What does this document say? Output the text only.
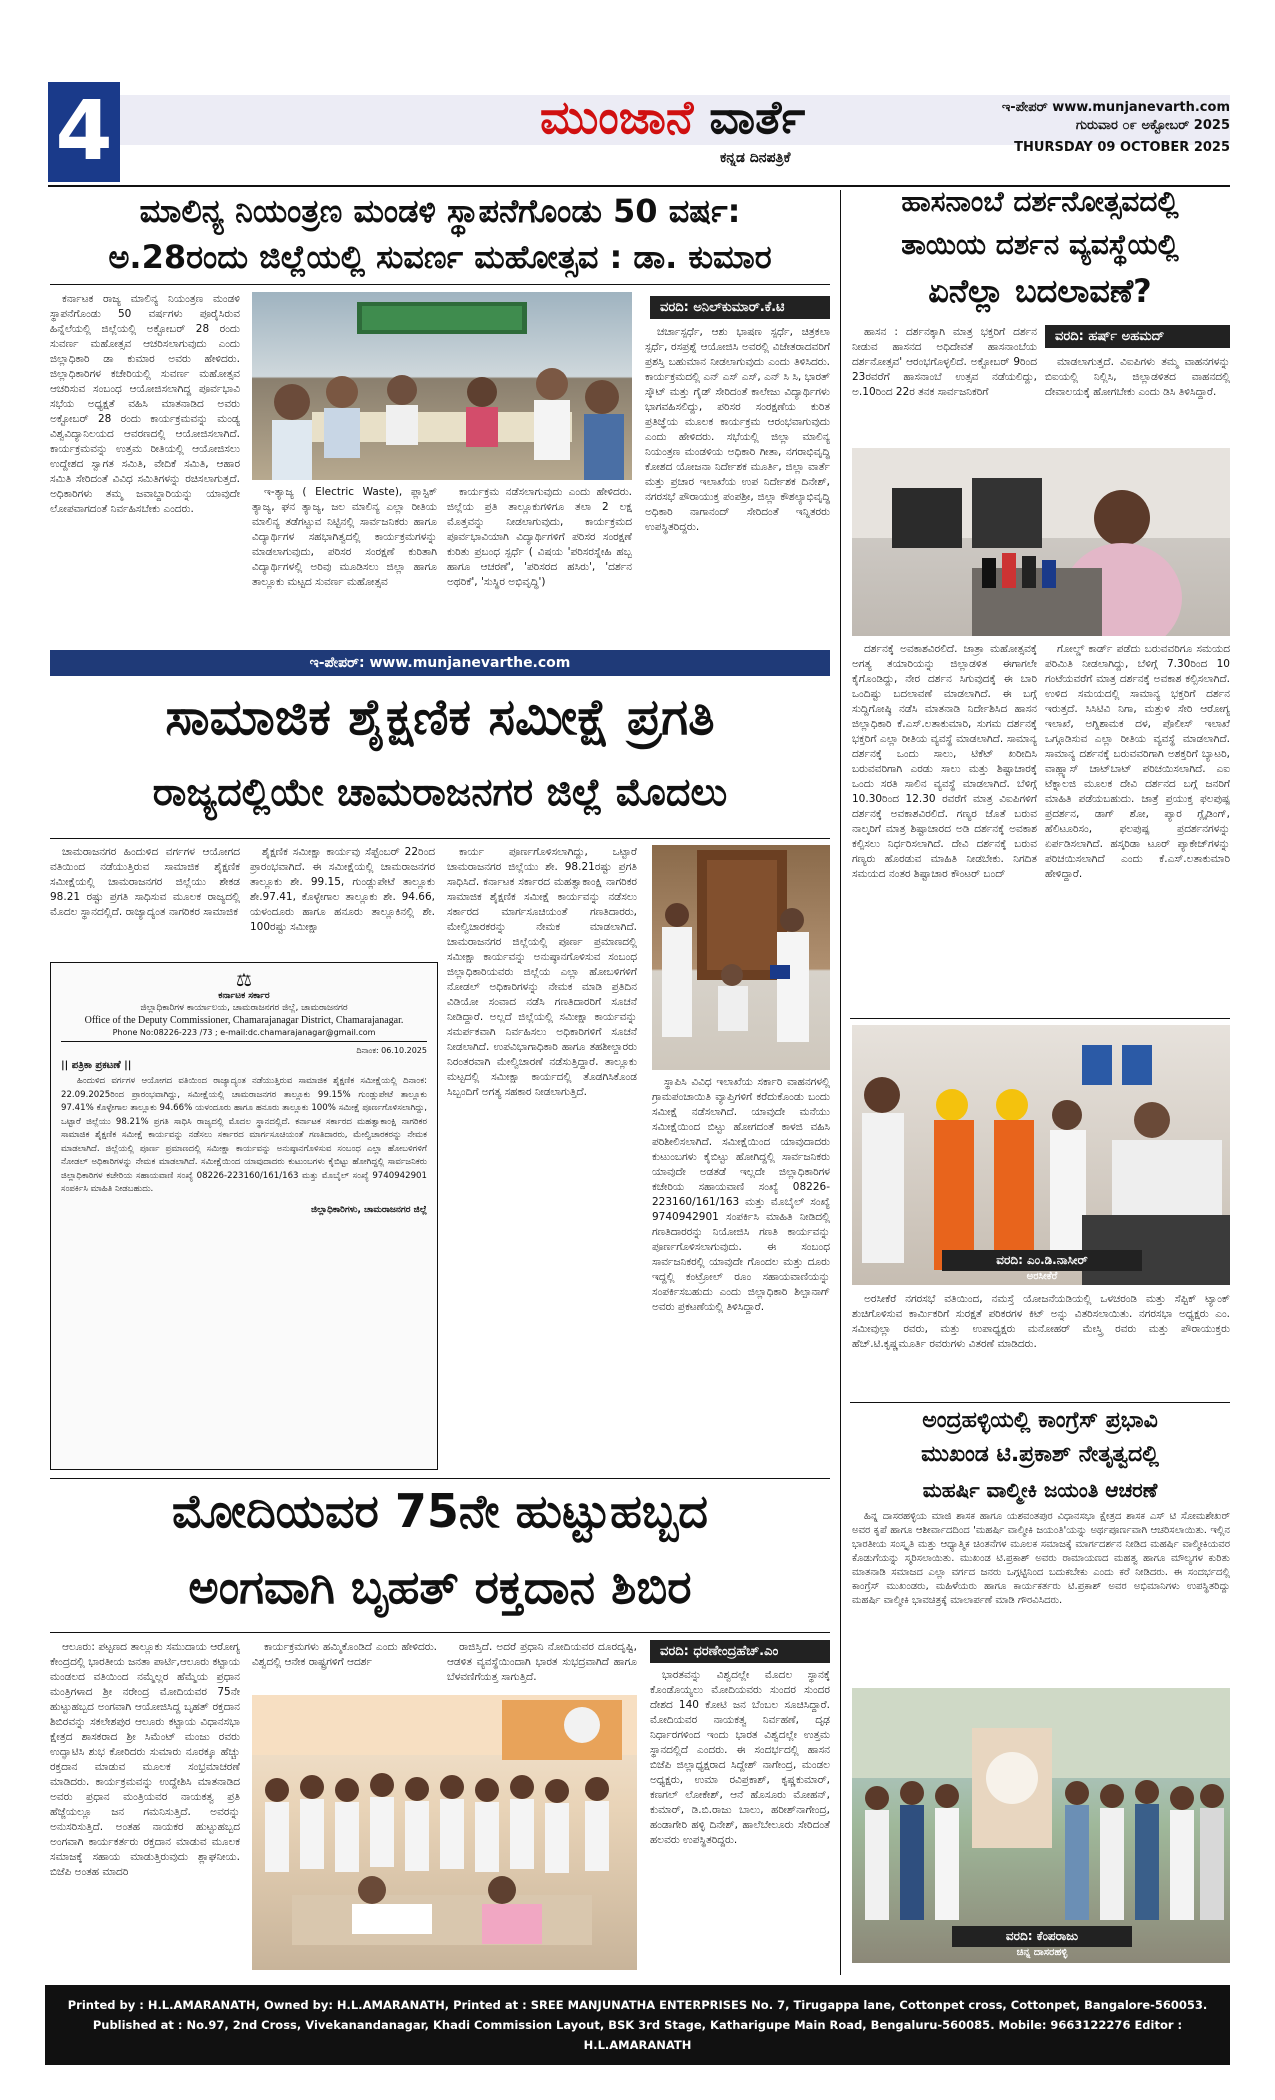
4	ಮುಂಜಾನೆ ವಾರ್ತೆ
ಕನ್ನಡ ದಿನಪತ್ರಿಕೆ
ಇ-ಪೇಪರ್ www.munjanevarth.com
ಗುರುವಾರ ೦೯ ಅಕ್ಟೋಬರ್ 2025
THURSDAY 09 OCTOBER 2025
ಮಾಲಿನ್ಯ ನಿಯಂತ್ರಣ ಮಂಡಳಿ ಸ್ಥಾಪನೆಗೊಂಡು 50 ವರ್ಷ:
ಅ.28ರಂದು ಜಿಲ್ಲೆಯಲ್ಲಿ ಸುವರ್ಣ ಮಹೋತ್ಸವ : ಡಾ. ಕುಮಾರ

ಕರ್ನಾಟಕ ರಾಜ್ಯ ಮಾಲಿನ್ಯ ನಿಯಂತ್ರಣ ಮಂಡಳಿ ಸ್ಥಾಪನೆಗೊಂಡು 50 ವರ್ಷಗಳು ಪೂರೈಸಿರುವ ಹಿನ್ನೆಲೆಯಲ್ಲಿ ಜಿಲ್ಲೆಯಲ್ಲಿ ಅಕ್ಟೋಬರ್ 28 ರಂದು ಸುವರ್ಣ ಮಹೋತ್ಸವ ಆಚರಿಸಲಾಗುವುದು ಎಂದು ಜಿಲ್ಲಾಧಿಕಾರಿ ಡಾ ಕುಮಾರ ಅವರು ಹೇಳಿದರು. ಜಿಲ್ಲಾಧಿಕಾರಿಗಳ ಕಚೇರಿಯಲ್ಲಿ ಸುವರ್ಣ ಮಹೋತ್ಸವ ಆಚರಿಸುವ ಸಂಬಂಧ ಆಯೋಜಿಸಲಾಗಿದ್ದ ಪೂರ್ವಭಾವಿ ಸಭೆಯ ಅಧ್ಯಕ್ಷತೆ ವಹಿಸಿ ಮಾತನಾಡಿದ ಅವರು ಅಕ್ಟೋಬರ್ 28 ರಂದು ಕಾರ್ಯಕ್ರಮವನ್ನು ಮಂಡ್ಯ ವಿಶ್ವವಿದ್ಯಾನಿಲಯದ ಆವರಣದಲ್ಲಿ ಆಯೋಜಿಸಲಾಗಿದೆ. ಕಾರ್ಯಕ್ರಮವನ್ನು ಉತ್ತಮ ರೀತಿಯಲ್ಲಿ ಆಯೋಜಿಸಲು ಉದ್ದೇಶದ ಸ್ವಾಗತ ಸಮಿತಿ, ವೇದಿಕೆ ಸಮಿತಿ, ಆಹಾರ ಸಮಿತಿ ಸೇರಿದಂತೆ ವಿವಿಧ ಸಮಿತಿಗಳನ್ನು ರಚಿಸಲಾಗುತ್ತದೆ. ಅಧಿಕಾರಿಗಳು ತಮ್ಮ ಜವಾಬ್ದಾರಿಯನ್ನು ಯಾವುದೇ ಲೋಪವಾಗದಂತೆ ನಿರ್ವಹಿಸಬೇಕು ಎಂದರು.

ವರದಿ: ಅನಿಲ್‌ಕುಮಾರ್.ಕೆ.ಟಿ

ಇ-ತ್ಯಾಜ್ಯ ( Electric Waste), ಪ್ಲಾಸ್ಟಿಕ್ ತ್ಯಾಜ್ಯ, ಘನ ತ್ಯಾಜ್ಯ, ಜಲ ಮಾಲಿನ್ಯ ಎಲ್ಲಾ ರೀತಿಯ ಮಾಲಿನ್ಯ ತಡೆಗಟ್ಟುವ ನಿಟ್ಟಿನಲ್ಲಿ ಸಾರ್ವಜನಿಕರು ಹಾಗೂ ವಿದ್ಯಾರ್ಥಿಗಳ ಸಹಭಾಗಿತ್ವದಲ್ಲಿ ಕಾರ್ಯಕ್ರಮಗಳನ್ನು ಮಾಡಲಾಗುವುದು, ಪರಿಸರ ಸಂರಕ್ಷಣೆ ಕುರಿತಾಗಿ ವಿದ್ಯಾರ್ಥಿಗಳಲ್ಲಿ ಅರಿವು ಮೂಡಿಸಲು ಜಿಲ್ಲಾ ಹಾಗೂ ತಾಲ್ಲೂಕು ಮಟ್ಟದ ಸುವರ್ಣ ಮಹೋತ್ಸವ

ಕಾರ್ಯಕ್ರಮ ನಡೆಸಲಾಗುವುದು ಎಂದು ಹೇಳಿದರು. ಜಿಲ್ಲೆಯ ಪ್ರತಿ ತಾಲ್ಲೂಕುಗಳಿಗೂ ತಲಾ 2 ಲಕ್ಷ ಮೊತ್ತವನ್ನು ನೀಡಲಾಗುವುದು, ಕಾರ್ಯಕ್ರಮದ ಪೂರ್ವಭಾವಿಯಾಗಿ ವಿದ್ಯಾರ್ಥಿಗಳಿಗೆ ಪರಿಸರ ಸಂರಕ್ಷಣೆ ಕುರಿತು ಪ್ರಬಂಧ ಸ್ಪರ್ಧೆ ( ವಿಷಯ 'ಪರಿಸರಸ್ನೇಹಿ ಹಬ್ಬ ಹಾಗೂ ಆಚರಣೆ', 'ಪರಿಸರದ ಹಸಿರು', 'ದರ್ಶನ ಅಥರಿಕೆ', 'ಸುಸ್ಥಿರ ಅಭಿವೃದ್ಧಿ')

ಚರ್ಚಾಸ್ಪರ್ಧೆ, ಆಶು ಭಾಷಣ ಸ್ಪರ್ಧೆ, ಚಿತ್ರಕಲಾ ಸ್ಪರ್ಧೆ, ರಸಪ್ರಶ್ನೆ ಆಯೋಜಿಸಿ ಅವರಲ್ಲಿ ವಿಜೇತರಾದವರಿಗೆ ಪ್ರಶಸ್ತಿ ಬಹುಮಾನ ನೀಡಲಾಗುವುದು ಎಂದು ತಿಳಿಸಿದರು. ಕಾರ್ಯಕ್ರಮದಲ್ಲಿ ಎನ್ ಎಸ್ ಎಸ್, ಎನ್ ಸಿ ಸಿ, ಭಾರತ್ ಸ್ಕೌಟ್ ಮತ್ತು ಗೈಡ್ ಸೇರಿದಂತೆ ಕಾಲೇಜು ವಿದ್ಯಾರ್ಥಿಗಳು ಭಾಗವಹಿಸಲಿದ್ದು, ಪರಿಸರ ಸಂರಕ್ಷಣೆಯ ಕುರಿತ ಪ್ರತಿಜ್ಞೆಯ ಮೂಲಕ ಕಾರ್ಯಕ್ರಮ ಆರಂಭವಾಗುವುದು ಎಂದು ಹೇಳಿದರು. ಸಭೆಯಲ್ಲಿ ಜಿಲ್ಲಾ ಮಾಲಿನ್ಯ ನಿಯಂತ್ರಣ ಮಂಡಳಿಯ ಅಧಿಕಾರಿ ಗೀತಾ, ನಗರಾಭಿವೃದ್ಧಿ ಕೋಶದ ಯೋಜನಾ ನಿರ್ದೇಶಕ ಮೂರ್ತಿ, ಜಿಲ್ಲಾ ವಾರ್ತೆ ಮತ್ತು ಪ್ರಚಾರ ಇಲಾಖೆಯ ಉಪ ನಿರ್ದೇಶಕ ದಿನೇಶ್, ನಗರಸಭೆ ಪೌರಾಯುಕ್ತ ಪಂಪಶ್ರೀ, ಜಿಲ್ಲಾ ಕೌಶಲ್ಯಾಭಿವೃದ್ಧಿ ಅಧಿಕಾರಿ ನಾಗಾನಂದ್ ಸೇರಿದಂತೆ ಇನ್ನಿತರರು ಉಪಸ್ಥಿತರಿದ್ದರು.

ಇ-ಪೇಪರ್: www.munjanevarthe.com
ಹಾಸನಾಂಬೆ ದರ್ಶನೋತ್ಸವದಲ್ಲಿ
ತಾಯಿಯ ದರ್ಶನ ವ್ಯವಸ್ಥೆಯಲ್ಲಿ
ಏನೆಲ್ಲಾ ಬದಲಾವಣೆ?

ಹಾಸನ : ದರ್ಶನಕ್ಕಾಗಿ ಮಾತ್ರ ಭಕ್ತರಿಗೆ ದರ್ಶನ ನೀಡುವ ಹಾಸನದ ಅಧಿದೇವತೆ ಹಾಸನಾಂಬೆಯ ದರ್ಶನೋತ್ಸವ' ಆರಂಭಗೊಳ್ಳಲಿದೆ. ಅಕ್ಟೋಬರ್ 9ರಿಂದ 23ರವರೆಗೆ ಹಾಸನಾಂಬೆ ಉತ್ಸವ ನಡೆಯಲಿದ್ದು, ಅ.10ರಿಂದ 22ರ ತನಕ ಸಾರ್ವಜನಿಕರಿಗೆ

ವರದಿ: ಹರ್ಷ್ ಅಹಮದ್

ಮಾಡಲಾಗುತ್ತದೆ. ವಿಐಪಿಗಳು ತಮ್ಮ ವಾಹನಗಳನ್ನು ಬಿಐಯಲ್ಲಿ ನಿಲ್ಲಿಸಿ, ಜಿಲ್ಲಾಡಳಿತದ ವಾಹನದಲ್ಲಿ ದೇವಾಲಯಕ್ಕೆ ಹೋಗಬೇಕು ಎಂದು ಡಿಸಿ ತಿಳಿಸಿದ್ದಾರೆ.

ದರ್ಶನಕ್ಕೆ ಅವಕಾಶವಿರಲಿದೆ. ಜಾತ್ರಾ ಮಹೋತ್ಸವಕ್ಕೆ ಅಗತ್ಯ ತಯಾರಿಯನ್ನು ಜಿಲ್ಲಾಡಳಿತ ಈಗಾಗಲೇ ಕೈಗೊಂಡಿದ್ದು, ನೇರ ದರ್ಶನ ಸಿಗುವುದಕ್ಕೆ ಈ ಬಾರಿ ಒಂದಿಷ್ಟು ಬದಲಾವಣೆ ಮಾಡಲಾಗಿದೆ. ಈ ಬಗ್ಗೆ ಸುದ್ದಿಗೋಷ್ಠಿ ನಡೆಸಿ ಮಾತನಾಡಿ ನಿರ್ದೇಶಿಸಿದ ಹಾಸನ ಜಿಲ್ಲಾಧಿಕಾರಿ ಕೆ.ಎಸ್.ಲತಾಕುಮಾರಿ, ಸುಗಮ ದರ್ಶನಕ್ಕೆ ಭಕ್ತರಿಗೆ ಎಲ್ಲಾ ರೀತಿಯ ವ್ಯವಸ್ಥೆ ಮಾಡಲಾಗಿದೆ. ಸಾಮಾನ್ಯ ದರ್ಶನಕ್ಕೆ ಒಂದು ಸಾಲು, ಟಿಕೆಟ್ ಖರೀದಿಸಿ ಬರುವವರಿಗಾಗಿ ಎರಡು ಸಾಲು ಮತ್ತು ಶಿಷ್ಟಾಚಾರಕ್ಕೆ ಒಂದು ಸರತಿ ಸಾಲಿನ ವ್ಯವಸ್ಥೆ ಮಾಡಲಾಗಿದೆ. ಬೆಳಿಗ್ಗೆ 10.30ರಿಂದ 12.30 ರವರೆಗೆ ಮಾತ್ರ ವಿಐಪಿಗಳಿಗೆ ದರ್ಶನಕ್ಕೆ ಅವಕಾಶವಿರಲಿದೆ. ಗಣ್ಯರ ಜೊತೆ ಬರುವ ನಾಲ್ಕರಿಗೆ ಮಾತ್ರ ಶಿಷ್ಟಾಚಾರದ ಅಡಿ ದರ್ಶನಕ್ಕೆ ಅವಕಾಶ ಕಲ್ಪಿಸಲು ನಿರ್ಧರಿಸಲಾಗಿದೆ. ದೇವಿ ದರ್ಶನಕ್ಕೆ ಬರುವ ಗಣ್ಯರು ಹೊರಡುವ ಮಾಹಿತಿ ನೀಡಬೇಕು. ನಿಗದಿತ ಸಮಯದ ನಂತರ ಶಿಷ್ಟಾಚಾರ ಕೌಂಟರ್ ಬಂದ್

ಗೋಲ್ಡ್ ಕಾರ್ಡ್ ಪಡೆದು ಬರುವವರಿಗೂ ಸಮಯದ ಪರಿಮಿತಿ ನೀಡಲಾಗಿದ್ದು, ಬೆಳಿಗ್ಗೆ 7.30ರಿಂದ 10 ಗಂಟೆಯವರೆಗೆ ಮಾತ್ರ ದರ್ಶನಕ್ಕೆ ಅವಕಾಶ ಕಲ್ಪಿಸಲಾಗಿದೆ. ಉಳಿದ ಸಮಯದಲ್ಲಿ ಸಾಮಾನ್ಯ ಭಕ್ತರಿಗೆ ದರ್ಶನ ಇರುತ್ತದೆ. ಸಿಸಿಟಿವಿ ನಿಗಾ, ಮತ್ತುಳಿ ಸೇರಿ ಆರೋಗ್ಯ ಇಲಾಖೆ, ಅಗ್ನಿಶಾಮಕ ದಳ, ಪೊಲೀಸ್ ಇಲಾಖೆ ಒಗ್ಗೂಡಿಸುವ ಎಲ್ಲಾ ರೀತಿಯ ವ್ಯವಸ್ಥೆ ಮಾಡಲಾಗಿದೆ. ಸಾಮಾನ್ಯ ದರ್ಶನಕ್ಕೆ ಬರುವವರಿಗಾಗಿ ಅಶಕ್ತರಿಗೆ ಬ್ಯಾಟರಿ, ವಾಹ್ಲ್ಯಾಸ್ ಚಾಟ್‌ಬಾಟ್ ಪರಿಚಯಿಸಲಾಗಿದೆ. ಎಐ ಟೆಕ್ನಾಲಜಿ ಮೂಲಕ ದೇವಿ ದರ್ಶನದ ಬಗ್ಗೆ ಜನರಿಗೆ ಮಾಹಿತಿ ಪಡೆಯಬಹುದು. ಜಾತ್ರೆ ಪ್ರಯುಕ್ತ ಫಲಪುಷ್ಪ ಪ್ರದರ್ಶನ, ಡಾಗ್ ಶೋ, ಪ್ಯಾರ ಗ್ಲೈಡಿಂಗ್, ಹೆಲಿಟೂರಿಸಂ, ಫಲಪುಷ್ಪ ಪ್ರದರ್ಶನಗಳನ್ನು ಏರ್ಪಡಿಸಲಾಗಿದೆ. ಹಸ್ಕರಿಡಾ ಟೂರ್ ಪ್ಯಾಕೇಜ್‌ಗಳನ್ನು ಪರಿಚಯಿಸಲಾಗಿದೆ ಎಂದು ಕೆ.ಎಸ್.ಲತಾಕುಮಾರಿ ಹೇಳಿದ್ದಾರೆ.

ವರದಿ: ಎಂ.ಡಿ.ನಾಸೀರ್
ಅರಸೀಕೆರೆ

ಅರಸೀಕೆರೆ ನಗರಸಭೆ ವತಿಯಿಂದ, ನಮಸ್ತೆ ಯೋಜನೆಯಡಿಯಲ್ಲಿ ಒಳಚರಂಡಿ ಮತ್ತು ಸೆಪ್ಟಿಕ್ ಟ್ಯಾಂಕ್ ಶುಚಿಗೊಳಿಸುವ ಕಾರ್ಮಿಕರಿಗೆ ಸುರಕ್ಷತೆ ಪರಿಕರಗಳ ಕಿಟ್ ಅನ್ನು ವಿತರಿಸಲಾಯಿತು. ನಗರಸಭಾ ಅಧ್ಯಕ್ಷರು ಎಂ. ಸಮೀವುಲ್ಲಾ ರವರು, ಮತ್ತು ಉಪಾಧ್ಯಕ್ಷರು ಮನೋಹರ್ ಮೇಸ್ತ್ರಿ ರವರು ಮತ್ತು ಪೌರಾಯುಕ್ತರು ಹೆಚ್.ಟಿ.ಕೃಷ್ಣಮೂರ್ತಿ ರವರುಗಳು ವಿತರಣೆ ಮಾಡಿದರು.

ಅಂದ್ರಹಳ್ಳಿಯಲ್ಲಿ ಕಾಂಗ್ರೆಸ್ ಪ್ರಭಾವಿ
ಮುಖಂಡ ಟಿ.ಪ್ರಕಾಶ್ ನೇತೃತ್ವದಲ್ಲಿ
ಮಹರ್ಷಿ ವಾಲ್ಮೀಕಿ ಜಯಂತಿ ಆಚರಣೆ

ಹಿನ್ನ ದಾಸರಹಳ್ಳಿಯ ಮಾಜಿ ಶಾಸಕ ಹಾಗೂ ಯಶವಂತಪುರ ವಿಧಾನಸಭಾ ಕ್ಷೇತ್ರದ ಶಾಸಕ ಎಸ್ ಟಿ ಸೋಮಶೇಖರ್ ಅವರ ಕೃಪೆ ಹಾಗೂ ಆಶೀರ್ವಾದದಿಂದ 'ಮಹರ್ಷಿ ವಾಲ್ಮೀಕಿ ಜಯಂತಿ'ಯನ್ನು ಅರ್ಥಪೂರ್ಣವಾಗಿ ಆಚರಿಸಲಾಯಿತು. ಇಲ್ಲಿನ ಭಾರತೀಯ ಸಂಸ್ಕೃತಿ ಮತ್ತು ಆಧ್ಯಾತ್ಮಿಕ ಚಿಂತನೆಗಳ ಮೂಲಕ ಸಮಾಜಕ್ಕೆ ಮಾರ್ಗದರ್ಶನ ನೀಡಿದ ಮಹರ್ಷಿ ವಾಲ್ಮೀಕಿಯವರ ಕೊಡುಗೆಯನ್ನು ಸ್ಮರಿಸಲಾಯಿತು. ಮುಖಂಡ ಟಿ.ಪ್ರಕಾಶ್ ಅವರು ರಾಮಾಯಣದ ಮಹತ್ವ ಹಾಗೂ ಮೌಲ್ಯಗಳ ಕುರಿತು ಮಾತನಾಡಿ ಸಮಾಜದ ಎಲ್ಲಾ ವರ್ಗದ ಜನರು ಒಗ್ಗಟ್ಟಿನಿಂದ ಬದುಕಬೇಕು ಎಂದು ಕರೆ ನೀಡಿದರು. ಈ ಸಂದರ್ಭದಲ್ಲಿ ಕಾಂಗ್ರೆಸ್ ಮುಖಂಡರು, ಮಹಿಳೆಯರು ಹಾಗೂ ಕಾರ್ಯಕರ್ತರು ಟಿ.ಪ್ರಕಾಶ್ ಅವರ ಅಭಿಮಾನಿಗಳು ಉಪಸ್ಥಿತರಿದ್ದು ಮಹರ್ಷಿ ವಾಲ್ಮೀಕಿ ಭಾವಚಿತ್ರಕ್ಕೆ ಮಾಲಾರ್ಪಣೆ ಮಾಡಿ ಗೌರವಿಸಿದರು.

ವರದಿ: ಕೆಂಪರಾಜು
ಚಿನ್ನ ದಾಸರಹಳ್ಳಿ
ಸಾಮಾಜಿಕ ಶೈಕ್ಷಣಿಕ ಸಮೀಕ್ಷೆ ಪ್ರಗತಿ
ರಾಜ್ಯದಲ್ಲಿಯೇ ಚಾಮರಾಜನಗರ ಜಿಲ್ಲೆ ಮೊದಲು

ಚಾಮರಾಜನಗರ ಹಿಂದುಳಿದ ವರ್ಗಗಳ ಆಯೋಗದ ವತಿಯಿಂದ ನಡೆಯುತ್ತಿರುವ ಸಾಮಾಜಿಕ ಶೈಕ್ಷಣಿಕ ಸಮೀಕ್ಷೆಯಲ್ಲಿ ಚಾಮರಾಜನಗರ ಜಿಲ್ಲೆಯು ಶೇಕಡ 98.21 ರಷ್ಟು ಪ್ರಗತಿ ಸಾಧಿಸುವ ಮೂಲಕ ರಾಜ್ಯದಲ್ಲಿ ಮೊದಲ ಸ್ಥಾನದಲ್ಲಿದೆ. ರಾಜ್ಯಾದ್ಯಂತ ನಾಗರಿಕರ ಸಾಮಾಜಿಕ

ಶೈಕ್ಷಣಿಕ ಸಮೀಕ್ಷಾ ಕಾರ್ಯವು ಸೆಪ್ಟೆಂಬರ್ 22ರಿಂದ ಪ್ರಾರಂಭವಾಗಿದೆ. ಈ ಸಮೀಕ್ಷೆಯಲ್ಲಿ ಚಾಮರಾಜನಗರ ತಾಲ್ಲೂಕು ಶೇ. 99.15, ಗುಂಡ್ಲುಪೇಟೆ ತಾಲ್ಲೂಕು ಶೇ.97.41, ಕೊಳ್ಳೇಗಾಲ ತಾಲ್ಲೂಕು ಶೇ. 94.66, ಯಳಂದೂರು ಹಾಗೂ ಹನೂರು ತಾಲ್ಲೂಕಿನಲ್ಲಿ ಶೇ. 100ರಷ್ಟು ಸಮೀಕ್ಷಾ

ಕಾರ್ಯ ಪೂರ್ಣಗೊಳಿಸಲಾಗಿದ್ದು, ಒಟ್ಟಾರೆ ಚಾಮರಾಜನಗರ ಜಿಲ್ಲೆಯು ಶೇ. 98.21ರಷ್ಟು ಪ್ರಗತಿ ಸಾಧಿಸಿದೆ. ಕರ್ನಾಟಕ ಸರ್ಕಾರದ ಮಹತ್ವಾಕಾಂಕ್ಷಿ ನಾಗರಿಕರ ಸಾಮಾಜಿಕ ಶೈಕ್ಷಣಿಕ ಸಮೀಕ್ಷೆ ಕಾರ್ಯವನ್ನು ನಡೆಸಲು ಸರ್ಕಾರದ ಮಾರ್ಗಸೂಚಿಯಂತೆ ಗಣತಿದಾರರು, ಮೇಲ್ವಿಚಾರಕರನ್ನು ನೇಮಕ ಮಾಡಲಾಗಿದೆ. ಚಾಮರಾಜನಗರ ಜಿಲ್ಲೆಯಲ್ಲಿ ಪೂರ್ಣ ಪ್ರಮಾಣದಲ್ಲಿ ಸಮೀಕ್ಷಾ ಕಾರ್ಯವನ್ನು ಅನುಷ್ಠಾನಗೊಳಿಸುವ ಸಂಬಂಧ ಜಿಲ್ಲಾಧಿಕಾರಿಯವರು ಜಿಲ್ಲೆಯ ಎಲ್ಲಾ ಹೋಬಳಿಗಳಿಗೆ ನೋಡಲ್ ಅಧಿಕಾರಿಗಳನ್ನು ನೇಮಕ ಮಾಡಿ ಪ್ರತಿದಿನ ವಿಡಿಯೋ ಸಂವಾದ ನಡೆಸಿ ಗಣತಿದಾರರಿಗೆ ಸೂಚನೆ ನೀಡಿದ್ದಾರೆ. ಅಲ್ಲದೆ ಜಿಲ್ಲೆಯಲ್ಲಿ ಸಮೀಕ್ಷಾ ಕಾರ್ಯವನ್ನು ಸಮರ್ಪಕವಾಗಿ ನಿರ್ವಹಿಸಲು ಅಧಿಕಾರಿಗಳಿಗೆ ಸೂಚನೆ ನೀಡಲಾಗಿದೆ. ಉಪವಿಭಾಗಾಧಿಕಾರಿ ಹಾಗೂ ತಹಶೀಲ್ದಾರರು ನಿರಂತರವಾಗಿ ಮೇಲ್ವಿಚಾರಣೆ ನಡೆಸುತ್ತಿದ್ದಾರೆ. ತಾಲ್ಲೂಕು ಮಟ್ಟದಲ್ಲಿ ಸಮೀಕ್ಷಾ ಕಾರ್ಯದಲ್ಲಿ ತೊಡಗಿಸಿಕೊಂಡ ಸಿಬ್ಬಂದಿಗೆ ಅಗತ್ಯ ಸಹಕಾರ ನೀಡಲಾಗುತ್ತಿದೆ.

ಸ್ಥಾಪಿಸಿ ವಿವಿಧ ಇಲಾಖೆಯ ಸರ್ಕಾರಿ ವಾಹನಗಳಲ್ಲಿ ಗ್ರಾಮಪಂಚಾಯಿತಿ ವ್ಯಾಪ್ತಿಗಳಿಗೆ ಕರೆದುಕೊಂಡು ಬಂದು ಸಮೀಕ್ಷೆ ನಡೆಸಲಾಗಿದೆ. ಯಾವುದೇ ಮನೆಯು ಸಮೀಕ್ಷೆಯಿಂದ ಬಿಟ್ಟು ಹೋಗದಂತೆ ಕಾಳಜಿ ವಹಿಸಿ ಪರಿಶೀಲಿಸಲಾಗಿದೆ. ಸಮೀಕ್ಷೆಯಿಂದ ಯಾವುದಾದರು ಕುಟುಂಬಗಳು ಕೈಬಿಟ್ಟು ಹೋಗಿದ್ದಲ್ಲಿ ಸಾರ್ವಜನಿಕರು ಯಾವುದೇ ಅಡತಡೆ ಇಲ್ಲದೇ ಜಿಲ್ಲಾಧಿಕಾರಿಗಳ ಕಚೇರಿಯ ಸಹಾಯವಾಣಿ ಸಂಖ್ಯೆ 08226-223160/161/163 ಮತ್ತು ಮೊಬೈಲ್ ಸಂಖ್ಯೆ 9740942901 ಸಂಪರ್ಕಿಸಿ ಮಾಹಿತಿ ನೀಡಿದಲ್ಲಿ ಗಣತಿದಾರರನ್ನು ನಿಯೋಜಿಸಿ ಗಣತಿ ಕಾರ್ಯವನ್ನು ಪೂರ್ಣಗೊಳಿಸಲಾಗುವುದು. ಈ ಸಂಬಂಧ ಸಾರ್ವಜನಿಕರಲ್ಲಿ ಯಾವುದೇ ಗೊಂದಲ ಮತ್ತು ದೂರು ಇದ್ದಲ್ಲಿ ಕಂಟ್ರೋಲ್ ರೂಂ ಸಹಾಯವಾಣಿಯನ್ನು ಸಂಪರ್ಕಿಸಬಹುದು ಎಂದು ಜಿಲ್ಲಾಧಿಕಾರಿ ಶಿಲ್ಪಾನಾಗ್ ಅವರು ಪ್ರಕಟಣೆಯಲ್ಲಿ ತಿಳಿಸಿದ್ದಾರೆ.

⚖
ಕರ್ನಾಟಕ ಸರ್ಕಾರ
ಜಿಲ್ಲಾಧಿಕಾರಿಗಳ ಕಾರ್ಯಾಲಯ, ಚಾಮರಾಜನಗರ ಜಿಲ್ಲೆ, ಚಾಮರಾಜನಗರ
Office of the Deputy Commissioner, Chamarajanagar District, Chamarajanagar.
Phone No:08226-223 /73 ; e-mail:dc.chamarajanagar@gmail.com
ದಿನಾಂಕ: 06.10.2025
|| ಪತ್ರಿಕಾ ಪ್ರಕಟಣೆ ||
ಹಿಂದುಳಿದ ವರ್ಗಗಳ ಆಯೋಗದ ವತಿಯಿಂದ ರಾಜ್ಯಾದ್ಯಂತ ನಡೆಯುತ್ತಿರುವ ಸಾಮಾಜಿಕ ಶೈಕ್ಷಣಿಕ ಸಮೀಕ್ಷೆಯಲ್ಲಿ ದಿನಾಂಕ: 22.09.2025ರಿಂದ ಪ್ರಾರಂಭವಾಗಿದ್ದು, ಸಮೀಕ್ಷೆಯಲ್ಲಿ ಚಾಮರಾಜನಗರ ತಾಲ್ಲೂಕು 99.15% ಗುಂಡ್ಲುಪೇಟೆ ತಾಲ್ಲೂಕು 97.41% ಕೊಳ್ಳೇಗಾಲ ತಾಲ್ಲೂಕು 94.66% ಯಳಂದೂರು ಹಾಗೂ ಹನೂರು ತಾಲ್ಲೂಕು 100% ಸಮೀಕ್ಷೆ ಪೂರ್ಣಗೊಳಿಸಲಾಗಿದ್ದು, ಒಟ್ಟಾರೆ ಜಿಲ್ಲೆಯು 98.21% ಪ್ರಗತಿ ಸಾಧಿಸಿ ರಾಜ್ಯದಲ್ಲಿ ಮೊದಲ ಸ್ಥಾನದಲ್ಲಿದೆ. ಕರ್ನಾಟಕ ಸರ್ಕಾರದ ಮಹತ್ವಾಕಾಂಕ್ಷಿ ನಾಗರಿಕರ ಸಾಮಾಜಿಕ ಶೈಕ್ಷಣಿಕ ಸಮೀಕ್ಷೆ ಕಾರ್ಯವನ್ನು ನಡೆಸಲು ಸರ್ಕಾರದ ಮಾರ್ಗಸೂಚಿಯಂತೆ ಗಣತಿದಾರರು, ಮೇಲ್ವಿಚಾರಕರನ್ನು ನೇಮಕ ಮಾಡಲಾಗಿದೆ. ಜಿಲ್ಲೆಯಲ್ಲಿ ಪೂರ್ಣ ಪ್ರಮಾಣದಲ್ಲಿ ಸಮೀಕ್ಷಾ ಕಾರ್ಯವನ್ನು ಅನುಷ್ಠಾನಗೊಳಿಸುವ ಸಂಬಂಧ ಎಲ್ಲಾ ಹೋಬಳಿಗಳಿಗೆ ನೋಡಲ್ ಅಧಿಕಾರಿಗಳನ್ನು ನೇಮಕ ಮಾಡಲಾಗಿದೆ. ಸಮೀಕ್ಷೆಯಿಂದ ಯಾವುದಾದರು ಕುಟುಂಬಗಳು ಕೈಬಿಟ್ಟು ಹೋಗಿದ್ದಲ್ಲಿ ಸಾರ್ವಜನಿಕರು ಜಿಲ್ಲಾಧಿಕಾರಿಗಳ ಕಚೇರಿಯ ಸಹಾಯವಾಣಿ ಸಂಖ್ಯೆ 08226-223160/161/163 ಮತ್ತು ಮೊಬೈಲ್ ಸಂಖ್ಯೆ 9740942901 ಸಂಪರ್ಕಿಸಿ ಮಾಹಿತಿ ನೀಡಬಹುದು.
ಜಿಲ್ಲಾಧಿಕಾರಿಗಳು, ಚಾಮರಾಜನಗರ ಜಿಲ್ಲೆ
ಮೋದಿಯವರ 75ನೇ ಹುಟ್ಟುಹಬ್ಬದ
ಅಂಗವಾಗಿ ಬೃಹತ್ ರಕ್ತದಾನ ಶಿಬಿರ

ಆಲೂರು: ಪಟ್ಟಣದ ತಾಲ್ಲೂಕು ಸಮುದಾಯ ಆರೋಗ್ಯ ಕೇಂದ್ರದಲ್ಲಿ ಭಾರತೀಯ ಜನತಾ ಪಾರ್ಟಿ,ಆಲೂರು ಕಟ್ಟಾಯ ಮಂಡಲದ ವತಿಯಿಂದ ನಮ್ಮೆಲ್ಲರ ಹೆಮ್ಮೆಯ ಪ್ರಧಾನ ಮಂತ್ರಿಗಳಾದ ಶ್ರೀ ನರೇಂದ್ರ ಮೋದಿಯವರ 75ನೇ ಹುಟ್ಟುಹಬ್ಬದ ಅಂಗವಾಗಿ ಆಯೋಜಿಸಿದ್ದ ಬೃಹತ್ ರಕ್ತದಾನ ಶಿಬಿರವನ್ನು ಸಕಲೇಶಪುರ ಆಲೂರು ಕಟ್ಟಾಯ ವಿಧಾನಸಭಾ ಕ್ಷೇತ್ರದ ಶಾಸಕರಾದ ಶ್ರೀ ಸಿಮೆಂಟ್ ಮಂಜು ರವರು ಉದ್ಘಾಟಿಸಿ ಶುಭ ಕೋರಿದರು ಸುಮಾರು ನೂರಕ್ಕೂ ಹೆಚ್ಚು ರಕ್ತದಾನ ಮಾಡುವ ಮೂಲಕ ಸಂಭ್ರಮಾಚರಣೆ ಮಾಡಿದರು. ಕಾರ್ಯಕ್ರಮವನ್ನು ಉದ್ದೇಶಿಸಿ ಮಾತನಾಡಿದ ಅವರು ಪ್ರಧಾನ ಮಂತ್ರಿಯವರ ನಾಯಕತ್ವ ಪ್ರತಿ ಹೆಜ್ಜೆಯಲ್ಲೂ ಜನ ಗಮನಿಸುತ್ತಿದೆ. ಅವರನ್ನು ಅನುಸರಿಸುತ್ತಿದೆ. ಅಂತಹ ನಾಯಕರ ಹುಟ್ಟುಹಬ್ಬದ ಅಂಗವಾಗಿ ಕಾರ್ಯಕರ್ತರು ರಕ್ತದಾನ ಮಾಡುವ ಮೂಲಕ ಸಮಾಜಕ್ಕೆ ಸಹಾಯ ಮಾಡುತ್ತಿರುವುದು ಶ್ಲಾಘನೀಯ. ಬಿಜೆಪಿ ಅಂತಹ ಮಾದರಿ

ಕಾರ್ಯಕ್ರಮಗಳು ಹಮ್ಮಿಕೊಂಡಿದೆ ಎಂದು ಹೇಳಿದರು. ವಿಶ್ವದಲ್ಲಿ ಆನೇಕ ರಾಷ್ಟ್ರಗಳಿಗೆ ಆದರ್ಶ

ರಾಜಿಸ್ತಿದೆ. ಅದರೆ ಪ್ರಧಾನಿ ನೋದಿಯವರ ದೂರದೃಷ್ಟಿ, ಆಡಳಿತ ವ್ಯವಸ್ಥೆಯಿಂದಾಗಿ ಭಾರತ ಸುಭದ್ರವಾಗಿದೆ ಹಾಗೂ ಬೆಳವಣಿಗೆಯತ್ತ ಸಾಗುತ್ತಿದೆ.

ವರದಿ: ಧರಣೇಂದ್ರಹೆಚ್.ಎಂ

ಭಾರತವನ್ನು ವಿಶ್ವದಲ್ಲೇ ಮೊದಲ ಸ್ಥಾನಕ್ಕೆ ಕೊಂಡೊಯ್ಯಲು ಮೋದಿಯವರು ಸುಂದರ ಸುಂದರ ದೇಶದ 140 ಕೋಟಿ ಜನ ಬೆಂಬಲ ಸೂಚಿಸಿದ್ದಾರೆ. ಮೋದಿಯವರ ನಾಯಕತ್ವ ನಿರ್ವಹಣೆ, ದೃಢ ನಿರ್ಧಾರಗಳಿಂದ ಇಂದು ಭಾರತ ವಿಶ್ವದಲ್ಲೇ ಉತ್ತಮ ಸ್ಥಾನದಲ್ಲಿದೆ ಎಂದರು. ಈ ಸಂದರ್ಭದಲ್ಲಿ ಹಾಸನ ಬಿಜೆಪಿ ಜಿಲ್ಲಾಧ್ಯಕ್ಷರಾದ ಸಿದ್ದೇಶ್ ನಾಗೇಂದ್ರ, ಮಂಡಲ ಅಧ್ಯಕ್ಷರು, ಉಮಾ ರವಿಪ್ರಕಾಶ್, ಕೃಷ್ಣಕುಮಾರ್, ಕಣಗಲ್ ಲೋಕೇಶ್, ಆನೆ ಹೊಸೂರು ಮೋಹನ್, ಕುಮಾರ್, ಡಿ.ಬಿ.ರಾಜು ಬಾಲು, ಹರೀಶ್‌ನಾಗೇಂದ್ರ, ಹಂಡಾಗೇರಿ ಹಳ್ಳಿ ದಿನೇಶ್, ಹಾಲೆಬೇಲೂರು ಸೇರಿದಂತೆ ಹಲವರು ಉಪಸ್ಥಿತರಿದ್ದರು.

Printed by : H.L.AMARANATH, Owned by: H.L.AMARANATH, Printed at : SREE MANJUNATHA ENTERPRISES No. 7, Tirugappa lane, Cottonpet cross, Cottonpet, Bangalore-560053.
Published at : No.97, 2nd Cross, Vivekanandanagar, Khadi Commission Layout, BSK 3rd Stage, Katharigupe Main Road, Bengaluru-560085. Mobile: 9663122276 Editor : H.L.AMARANATH
